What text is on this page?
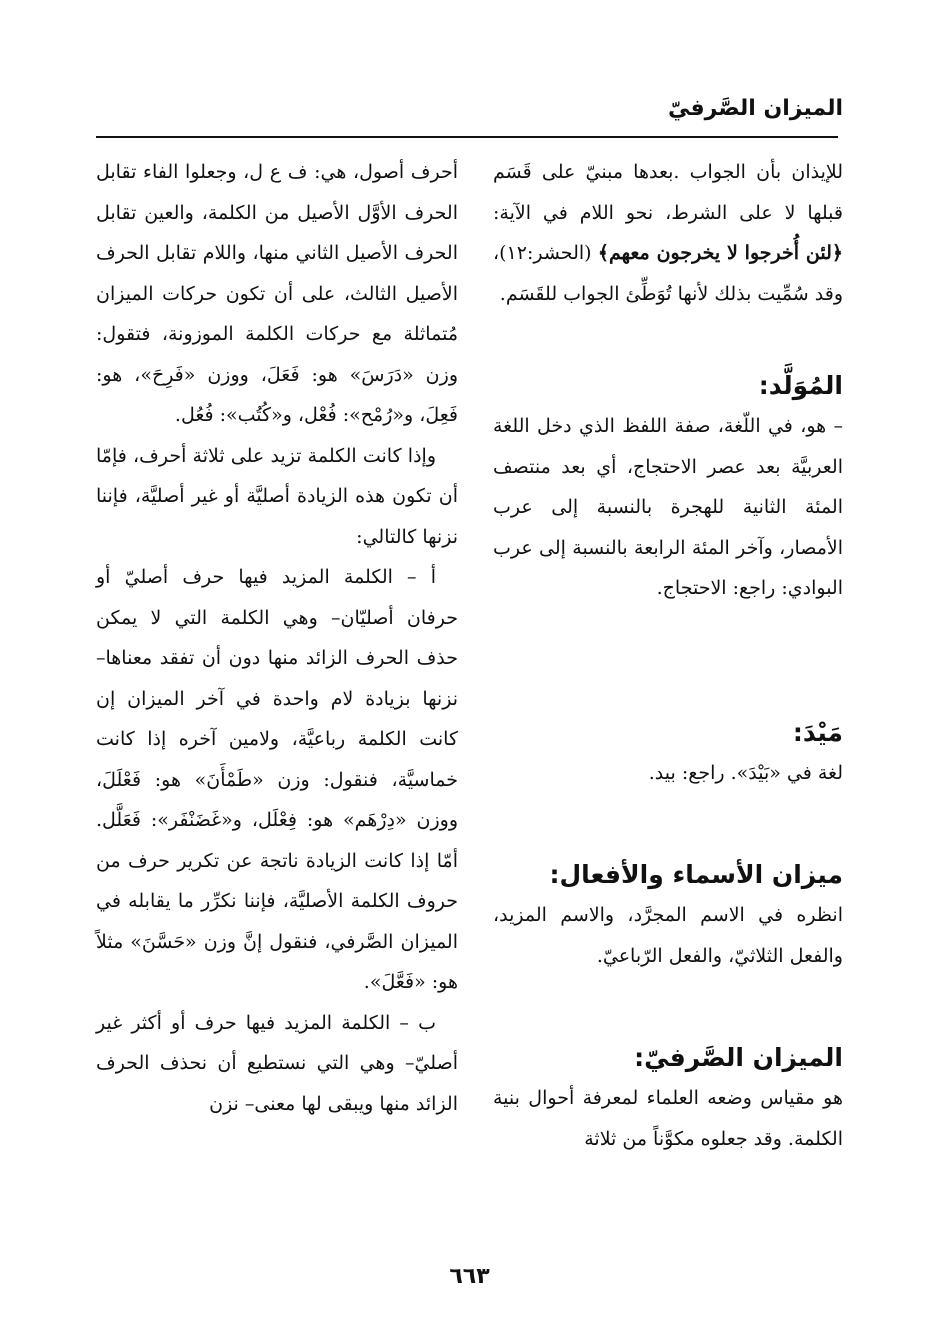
الميزان الصَّرفيّ

للإيذان بأن الجواب .بعدها مبنيّ على قَسَم قبلها لا على الشرط، نحو اللام في الآية: ﴿لئن أُخرجوا لا يخرجون معهم﴾ (الحشر:١٢)، وقد سُمِّيت بذلك لأنها تُوَطِّئ الجواب للقَسَم.

المُوَلَّد:

– هو، في اللّغة، صفة اللفظ الذي دخل اللغة العربيَّة بعد عصر الاحتجاج، أي بعد منتصف المئة الثانية للهجرة بالنسبة إلى عرب الأمصار، وآخر المئة الرابعة بالنسبة إلى عرب البوادي: راجع: الاحتجاج.

مَيْدَ:

لغة في «بَيْدَ». راجع: بيد.

ميزان الأسماء والأفعال:

انظره في الاسم المجرَّد، والاسم المزيد، والفعل الثلاثيّ، والفعل الرّباعيّ.

الميزان الصَّرفيّ:

هو مقياس وضعه العلماء لمعرفة أحوال بنية الكلمة. وقد جعلوه مكوَّناً من ثلاثة

أحرف أصول، هي: ف ع ل، وجعلوا الفاء تقابل الحرف الأوَّل الأصيل من الكلمة، والعين تقابل الحرف الأصيل الثاني منها، واللام تقابل الحرف الأصيل الثالث، على أن تكون حركات الميزان مُتماثلة مع حركات الكلمة الموزونة، فتقول: وزن «دَرَسَ» هو: فَعَلَ، ووزن «فَرِحَ»، هو: فَعِلَ، و«رُمْح»: فُعْل، و«كُتُب»: فُعُل.

وإذا كانت الكلمة تزيد على ثلاثة أحرف، فإمّا أن تكون هذه الزيادة أصليَّة أو غير أصليَّة، فإننا نزنها كالتالي:

أ – الكلمة المزيد فيها حرف أصليّ أو حرفان أصليّان– وهي الكلمة التي لا يمكن حذف الحرف الزائد منها دون أن تفقد معناها– نزنها بزيادة لام واحدة في آخر الميزان إن كانت الكلمة رباعيَّة، ولامين آخره إذا كانت خماسيَّة، فنقول: وزن «طَمْأَنَ» هو: فَعْلَلَ، ووزن «دِرْهَم» هو: فِعْلَل، و«غَضَنْفَر»: فَعَلَّل. أمّا إذا كانت الزيادة ناتجة عن تكرير حرف من حروف الكلمة الأصليَّة، فإننا نكرِّر ما يقابله في الميزان الصَّرفي، فنقول إنَّ وزن «حَسَّنَ» مثلاً هو: «فَعَّلَ».

ب – الكلمة المزيد فيها حرف أو أكثر غير أصليّ– وهي التي نستطيع أن نحذف الحرف الزائد منها ويبقى لها معنى– نزن

٦٦٣
